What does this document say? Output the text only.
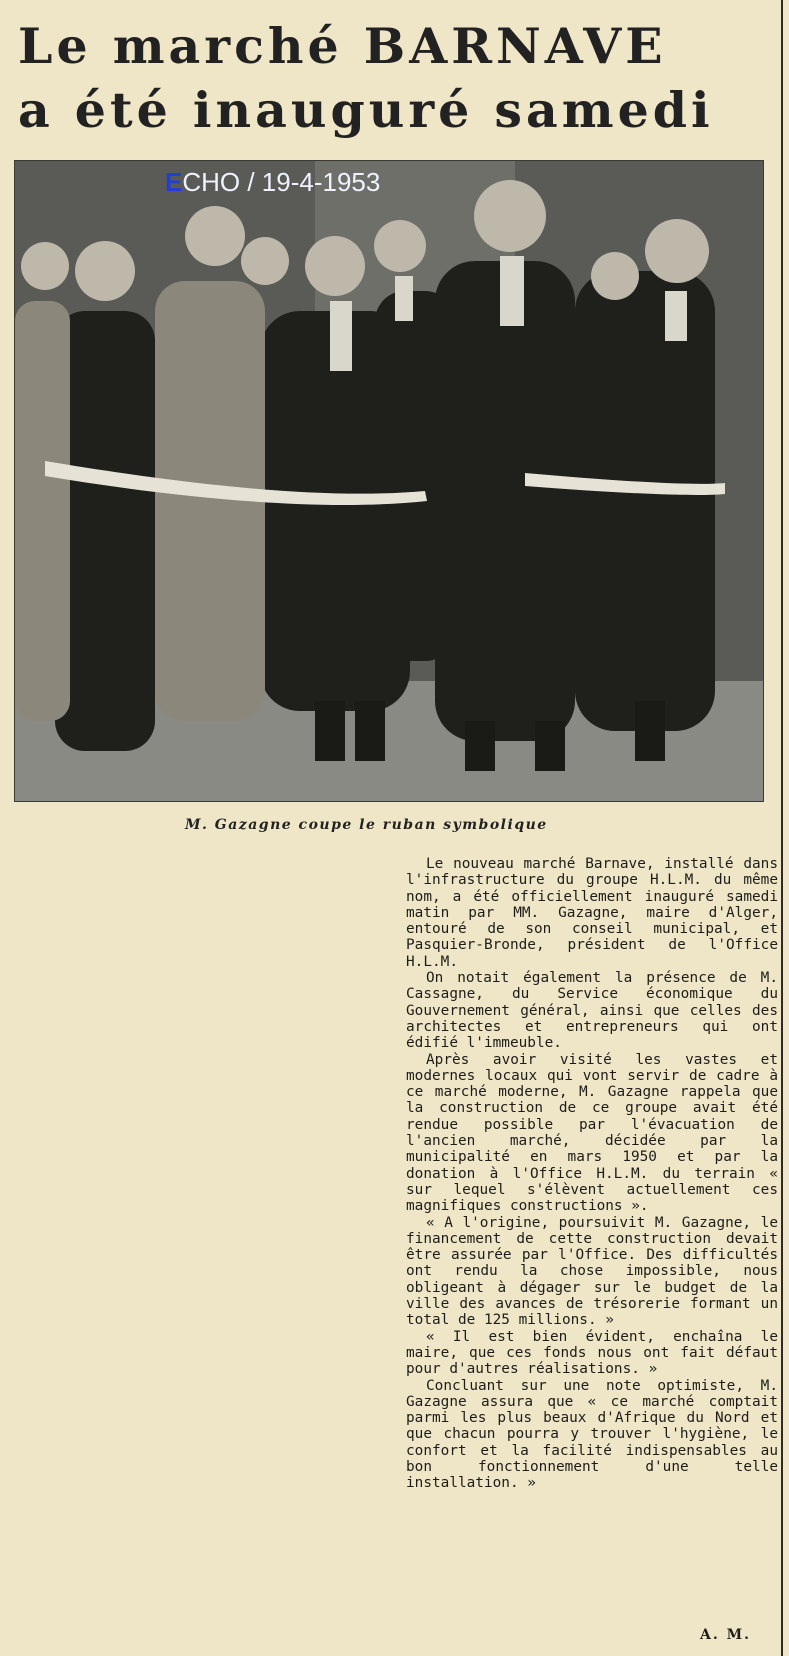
Le marché BARNAVE
a été inauguré samedi
ECHO / 19-4-1953
M. Gazagne coupe le ruban symbolique

Le nouveau marché Barnave, installé dans l'infrastructure du groupe H.L.M. du même nom, a été officiellement inauguré samedi matin par MM. Gazagne, maire d'Alger, entouré de son conseil municipal, et Pasquier-Bronde, président de l'Office H.L.M.

On notait également la présence de M. Cassagne, du Service économique du Gouvernement général, ainsi que celles des architectes et entrepreneurs qui ont édifié l'immeuble.

Après avoir visité les vastes et modernes locaux qui vont servir de cadre à ce marché moderne, M. Gazagne rappela que la construction de ce groupe avait été rendue possible par l'évacuation de l'ancien marché, décidée par la municipalité en mars 1950 et par la donation à l'Office H.L.M. du terrain « sur lequel s'élèvent actuellement ces magnifiques constructions ».

« A l'origine, poursuivit M. Gazagne, le financement de cette construction devait être assurée par l'Office. Des difficultés ont rendu la chose impossible, nous obligeant à dégager sur le budget de la ville des avances de trésorerie formant un total de 125 millions. »

« Il est bien évident, enchaîna le maire, que ces fonds nous ont fait défaut pour d'autres réalisations. »

Concluant sur une note optimiste, M. Gazagne assura que « ce marché comptait parmi les plus beaux d'Afrique du Nord et que chacun pourra y trouver l'hygiène, le confort et la facilité indispensables au bon fonctionnement d'une telle installation. »

A. M.
